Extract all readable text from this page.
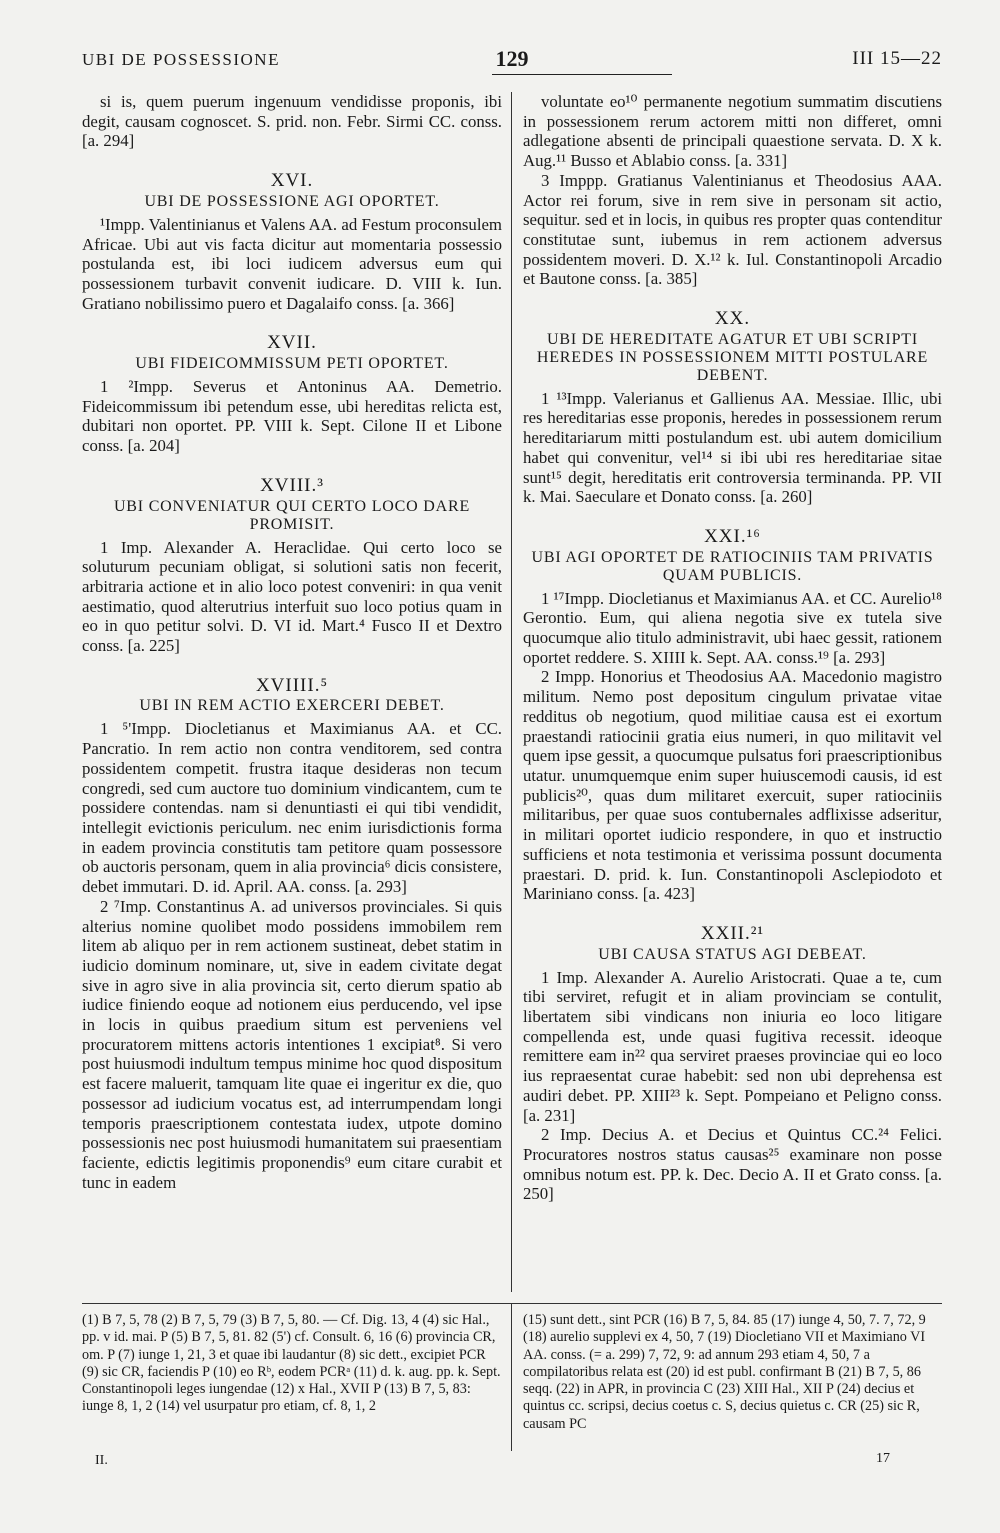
UBI DE POSSESSIONE	129	III 15—22

si is, quem puerum ingenuum vendidisse proponis, ibi degit, causam cognoscet. S. prid. non. Febr. Sirmi CC. conss. [a. 294]

XVI.
UBI DE POSSESSIONE AGI OPORTET.

¹Impp. Valentinianus et Valens AA. ad Festum proconsulem Africae. Ubi aut vis facta dicitur aut momentaria possessio postulanda est, ibi loci iudicem adversus eum qui possessionem turbavit convenit iudicare. D. VIII k. Iun. Gratiano nobilissimo puero et Dagalaifo conss. [a. 366]

XVII.
UBI FIDEICOMMISSUM PETI OPORTET.

1 ²Impp. Severus et Antoninus AA. Demetrio. Fideicommissum ibi petendum esse, ubi hereditas relicta est, dubitari non oportet. PP. VIII k. Sept. Cilone II et Libone conss. [a. 204]

XVIII.³
UBI CONVENIATUR QUI CERTO LOCO DARE PROMISIT.

1 Imp. Alexander A. Heraclidae. Qui certo loco se soluturum pecuniam obligat, si solutioni satis non fecerit, arbitraria actione et in alio loco potest conveniri: in qua venit aestimatio, quod alterutrius interfuit suo loco potius quam in eo in quo petitur solvi. D. VI id. Mart.⁴ Fusco II et Dextro conss. [a. 225]

XVIIII.⁵
UBI IN REM ACTIO EXERCERI DEBET.

1 ⁵'Impp. Diocletianus et Maximianus AA. et CC. Pancratio. In rem actio non contra venditorem, sed contra possidentem competit. frustra itaque desideras non tecum congredi, sed cum auctore tuo dominium vindicantem, cum te possidere contendas. nam si denuntiasti ei qui tibi vendidit, intellegit evictionis periculum. nec enim iurisdictionis forma in eadem provincia constitutis tam petitore quam possessore ob auctoris personam, quem in alia provincia⁶ dicis consistere, debet immutari. D. id. April. AA. conss. [a. 293]

2 ⁷Imp. Constantinus A. ad universos provinciales. Si quis alterius nomine quolibet modo possidens immobilem rem litem ab aliquo per in rem actionem sustineat, debet statim in iudicio dominum nominare, ut, sive in eadem civitate degat sive in agro sive in alia provincia sit, certo dierum spatio ab iudice finiendo eoque ad notionem eius perducendo, vel ipse in locis in quibus praedium situm est perveniens vel procuratorem mittens actoris intentiones 1 excipiat⁸. Si vero post huiusmodi indultum tempus minime hoc quod dispositum est facere maluerit, tamquam lite quae ei ingeritur ex die, quo possessor ad iudicium vocatus est, ad interrumpendam longi temporis praescriptionem contestata iudex, utpote domino possessionis nec post huiusmodi humanitatem sui praesentiam faciente, edictis legitimis proponendis⁹ eum citare curabit et tunc in eadem

voluntate eo¹⁰ permanente negotium summatim discutiens in possessionem rerum actorem mitti non differet, omni adlegatione absenti de principali quaestione servata. D. X k. Aug.¹¹ Busso et Ablabio conss. [a. 331]

3 Imppp. Gratianus Valentinianus et Theodosius AAA. Actor rei forum, sive in rem sive in personam sit actio, sequitur. sed et in locis, in quibus res propter quas contenditur constitutae sunt, iubemus in rem actionem adversus possidentem moveri. D. X.¹² k. Iul. Constantinopoli Arcadio et Bautone conss. [a. 385]

XX.
UBI DE HEREDITATE AGATUR ET UBI SCRIPTI HEREDES IN POSSESSIONEM MITTI POSTULARE DEBENT.

1 ¹³Impp. Valerianus et Gallienus AA. Messiae. Illic, ubi res hereditarias esse proponis, heredes in possessionem rerum hereditariarum mitti postulandum est. ubi autem domicilium habet qui convenitur, vel¹⁴ si ibi ubi res hereditariae sitae sunt¹⁵ degit, hereditatis erit controversia terminanda. PP. VII k. Mai. Saeculare et Donato conss. [a. 260]

XXI.¹⁶
UBI AGI OPORTET DE RATIOCINIIS TAM PRIVATIS QUAM PUBLICIS.

1 ¹⁷Impp. Diocletianus et Maximianus AA. et CC. Aurelio¹⁸ Gerontio. Eum, qui aliena negotia sive ex tutela sive quocumque alio titulo administravit, ubi haec gessit, rationem oportet reddere. S. XIIII k. Sept. AA. conss.¹⁹ [a. 293]

2 Impp. Honorius et Theodosius AA. Macedonio magistro militum. Nemo post depositum cingulum privatae vitae redditus ob negotium, quod militiae causa est ei exortum praestandi ratiocinii gratia eius numeri, in quo militavit vel quem ipse gessit, a quocumque pulsatus fori praescriptionibus utatur. unumquemque enim super huiuscemodi causis, id est publicis²⁰, quas dum militaret exercuit, super ratiociniis militaribus, per quae suos contubernales adflixisse adseritur, in militari oportet iudicio respondere, in quo et instructio sufficiens et nota testimonia et verissima possunt documenta praestari. D. prid. k. Iun. Constantinopoli Asclepiodoto et Mariniano conss. [a. 423]

XXII.²¹
UBI CAUSA STATUS AGI DEBEAT.

1 Imp. Alexander A. Aurelio Aristocrati. Quae a te, cum tibi serviret, refugit et in aliam provinciam se contulit, libertatem sibi vindicans non iniuria eo loco litigare compellenda est, unde quasi fugitiva recessit. ideoque remittere eam in²² qua serviret praeses provinciae qui eo loco ius repraesentat curae habebit: sed non ubi deprehensa est audiri debet. PP. XIII²³ k. Sept. Pompeiano et Peligno conss. [a. 231]

2 Imp. Decius A. et Decius et Quintus CC.²⁴ Felici. Procuratores nostros status causas²⁵ examinare non posse omnibus notum est. PP. k. Dec. Decio A. II et Grato conss. [a. 250]

(1) B 7, 5, 78 (2) B 7, 5, 79 (3) B 7, 5, 80. — Cf. Dig. 13, 4 (4) sic Hal., pp. v id. mai. P (5) B 7, 5, 81. 82 (5') cf. Consult. 6, 16 (6) provincia CR, om. P (7) iunge 1, 21, 3 et quae ibi laudantur (8) sic dett., excipiet PCR (9) sic CR, faciendis P (10) eo Rᵇ, eodem PCRᵃ (11) d. k. aug. pp. k. Sept. Constantinopoli leges iungendae (12) x Hal., XVII P (13) B 7, 5, 83: iunge 8, 1, 2 (14) vel usurpatur pro etiam, cf. 8, 1, 2
(15) sunt dett., sint PCR (16) B 7, 5, 84. 85 (17) iunge 4, 50, 7. 7, 72, 9 (18) aurelio supplevi ex 4, 50, 7 (19) Diocletiano VII et Maximiano VI AA. conss. (= a. 299) 7, 72, 9: ad annum 293 etiam 4, 50, 7 a compilatoribus relata est (20) id est publ. confirmant B (21) B 7, 5, 86 seqq. (22) in APR, in provincia C (23) XIII Hal., XII P (24) decius et quintus cc. scripsi, decius coetus c. S, decius quietus c. CR (25) sic R, causam PC
II.	17
